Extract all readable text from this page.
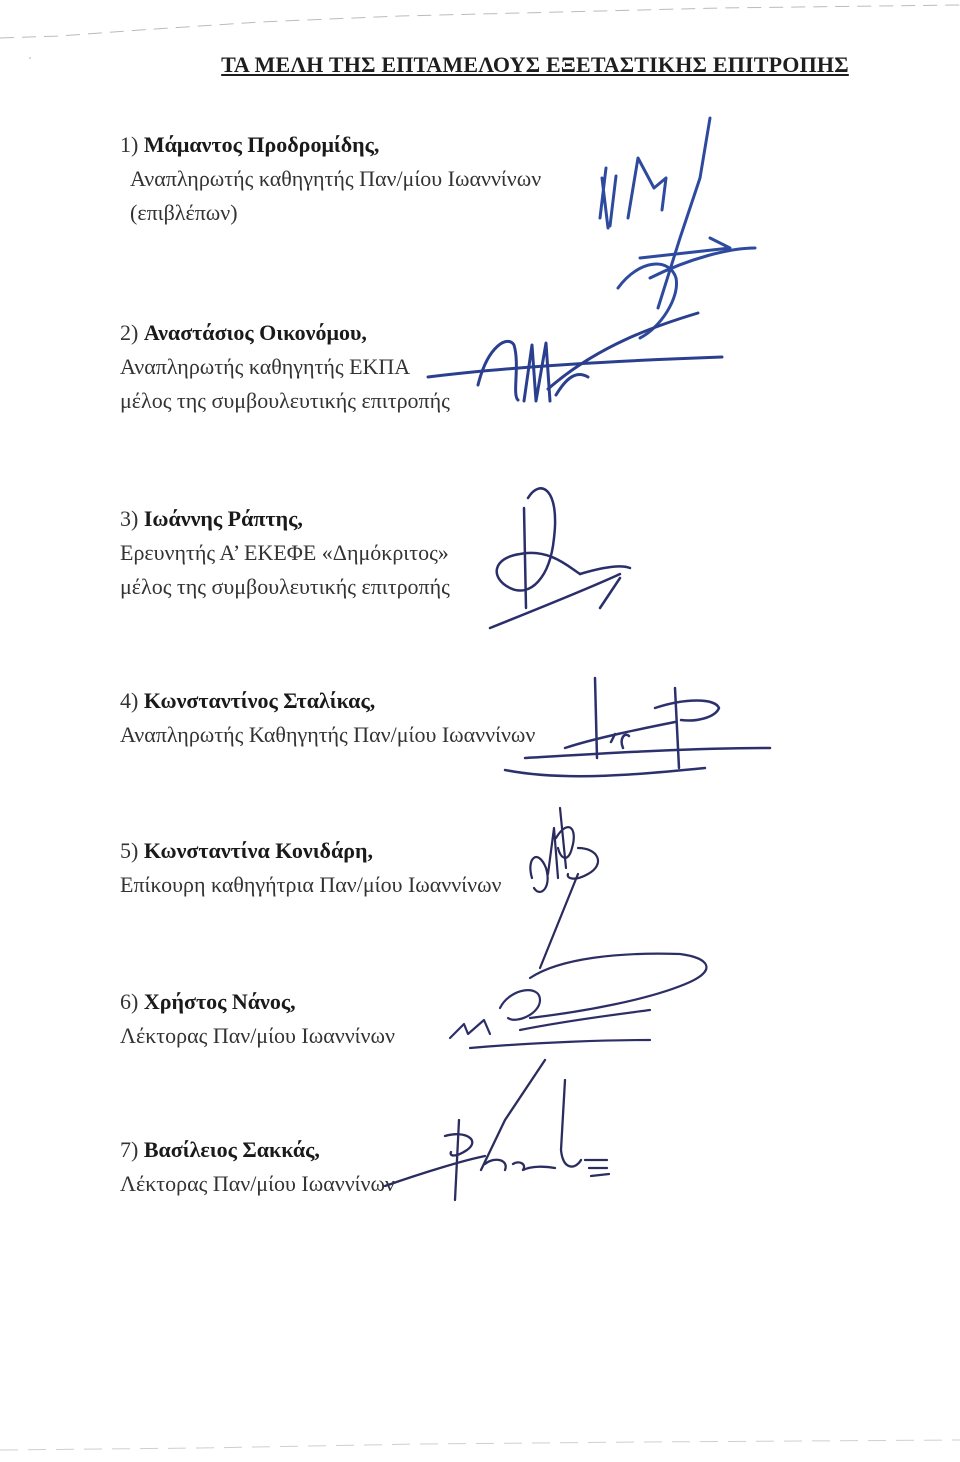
ΤΑ ΜΕΛΗ ΤΗΣ ΕΠΤΑΜΕΛΟΥΣ ΕΞΕΤΑΣΤΙΚΗΣ ΕΠΙΤΡΟΠΗΣ
1) Μάμαντος Προδρομίδης,
Αναπληρωτής καθηγητής Παν/μίου Ιωαννίνων
(επιβλέπων)
2) Αναστάσιος Οικονόμου,
Αναπληρωτής καθηγητής ΕΚΠΑ
μέλος της συμβουλευτικής επιτροπής
3) Ιωάννης Ράπτης,
Ερευνητής Α’ ΕΚΕΦΕ «Δημόκριτος»
μέλος της συμβουλευτικής επιτροπής
4) Κωνσταντίνος Σταλίκας,
Αναπληρωτής Καθηγητής Παν/μίου Ιωαννίνων
5) Κωνσταντίνα Κονιδάρη,
Επίκουρη καθηγήτρια Παν/μίου Ιωαννίνων
6) Χρήστος Νάνος,
Λέκτορας Παν/μίου Ιωαννίνων
7) Βασίλειος Σακκάς,
Λέκτορας Παν/μίου Ιωαννίνων
